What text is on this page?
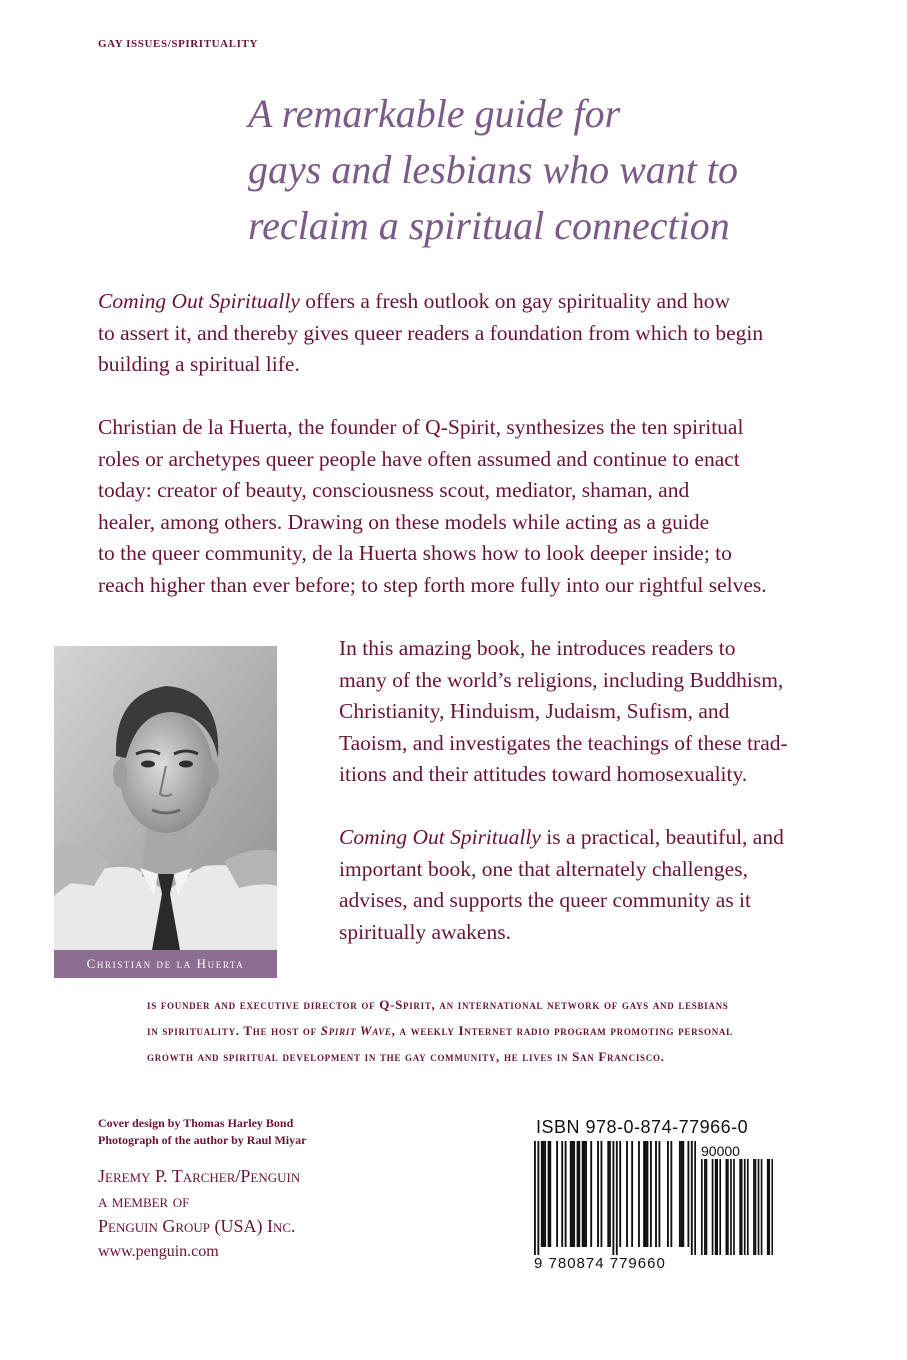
GAY ISSUES/SPIRITUALITY
A remarkable guide for
gays and lesbians who want to
reclaim a spiritual connection
Coming Out Spiritually offers a fresh outlook on gay spirituality and how
to assert it, and thereby gives queer readers a foundation from which to begin
building a spiritual life.
Christian de la Huerta, the founder of Q-Spirit, synthesizes the ten spiritual
roles or archetypes queer people have often assumed and continue to enact
today: creator of beauty, consciousness scout, mediator, shaman, and
healer, among others. Drawing on these models while acting as a guide
to the queer community, de la Huerta shows how to look deeper inside; to
reach higher than ever before; to step forth more fully into our rightful selves.
Christian de la Huerta
In this amazing book, he introduces readers to
many of the world’s religions, including Buddhism,
Christianity, Hinduism, Judaism, Sufism, and
Taoism, and investigates the teachings of these trad-
itions and their attitudes toward homosexuality.
Coming Out Spiritually is a practical, beautiful, and
important book, one that alternately challenges,
advises, and supports the queer community as it
spiritually awakens.
is founder and executive director of Q-Spirit, an international network of gays and lesbians
in spirituality. The host of Spirit Wave, a weekly Internet radio program promoting personal
growth and spiritual development in the gay community, he lives in San Francisco.
Cover design by Thomas Harley Bond
Photograph of the author by Raul Miyar
Jeremy P. Tarcher/Penguin
a member of
Penguin Group (USA) Inc.
www.penguin.com
ISBN 978-0-874-77966-0
90000
9 780874 779660
